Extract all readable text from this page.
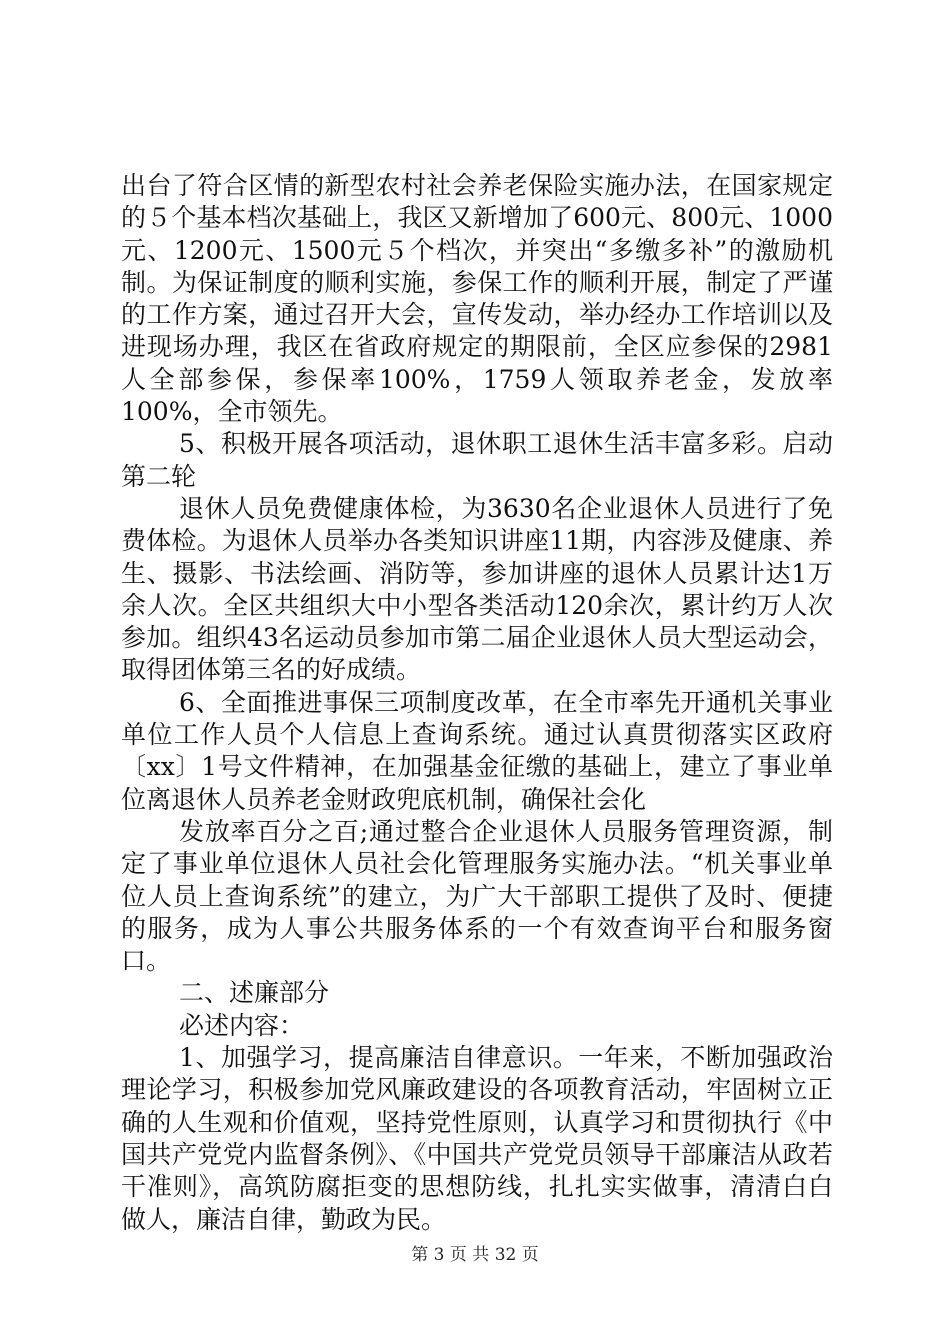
出台了符合区情的新型农村社会养老保险实施办法，在国家规定的５个基本档次基础上，我区又新增加了600元、800元、1000元、1200元、1500元５个档次，并突出“多缴多补”的激励机制。为保证制度的顺利实施，参保工作的顺利开展，制定了严谨的工作方案，通过召开大会，宣传发动，举办经办工作培训以及进现场办理，我区在省政府规定的期限前，全区应参保的2981人全部参保，参保率100%，1759人领取养老金，发放率100%，全市领先。

5、积极开展各项活动，退休职工退休生活丰富多彩。启动第二轮

退休人员免费健康体检，为3630名企业退休人员进行了免费体检。为退休人员举办各类知识讲座11期，内容涉及健康、养生、摄影、书法绘画、消防等，参加讲座的退休人员累计达1万余人次。全区共组织大中小型各类活动120余次，累计约万人次参加。组织43名运动员参加市第二届企业退休人员大型运动会，取得团体第三名的好成绩。

6、全面推进事保三项制度改革，在全市率先开通机关事业单位工作人员个人信息上查询系统。通过认真贯彻落实区政府〔xx〕1号文件精神，在加强基金征缴的基础上，建立了事业单位离退休人员养老金财政兜底机制，确保社会化

发放率百分之百;通过整合企业退休人员服务管理资源，制定了事业单位退休人员社会化管理服务实施办法。“机关事业单位人员上查询系统”的建立，为广大干部职工提供了及时、便捷的服务，成为人事公共服务体系的一个有效查询平台和服务窗口。

二、述廉部分

必述内容：

1、加强学习，提高廉洁自律意识。一年来，不断加强政治理论学习，积极参加党风廉政建设的各项教育活动，牢固树立正确的人生观和价值观，坚持党性原则，认真学习和贯彻执行《中国共产党党内监督条例》、《中国共产党党员领导干部廉洁从政若干准则》，高筑防腐拒变的思想防线，扎扎实实做事，清清白白做人，廉洁自律，勤政为民。

第 3 页 共 32 页
